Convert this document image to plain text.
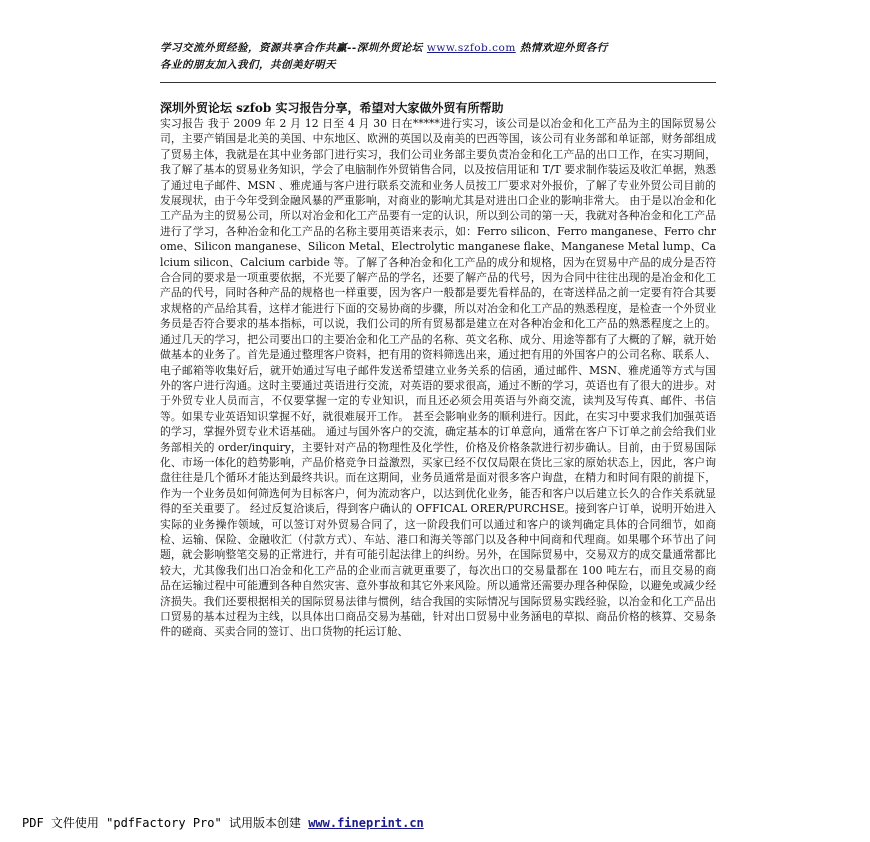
学习交流外贸经验，资源共享合作共赢--深圳外贸论坛 www.szfob.com 热情欢迎外贸各行
各业的朋友加入我们，共创美好明天
深圳外贸论坛 szfob 实习报告分享，希望对大家做外贸有所帮助

实习报告 我于 2009 年 2 月 12 日至 4 月 30 日在*****进行实习，该公司是以冶金和化工产品为主的国际贸易公司，主要产销国是北美的美国、中东地区、欧洲的英国以及南美的巴西等国，该公司有业务部和单证部，财务部组成了贸易主体，我就是在其中业务部门进行实习，我们公司业务部主要负责冶金和化工产品的出口工作，在实习期间，我了解了基本的贸易业务知识，学会了电脑制作外贸销售合同，以及按信用证和 T/T 要求制作装运及收汇单据，熟悉了通过电子邮件、MSN 、雅虎通与客户进行联系交流和业务人员按工厂要求对外报价，了解了专业外贸公司目前的发展现状，由于今年受到金融风暴的严重影响，对商业的影响尤其是对进出口企业的影响非常大。 由于是以冶金和化工产品为主的贸易公司，所以对冶金和化工产品要有一定的认识，所以到公司的第一天，我就对各种冶金和化工产品进行了学习，各种冶金和化工产品的名称主要用英语来表示，如：Ferro silicon、Ferro manganese、Ferro chrome、Silicon manganese、Silicon Metal、Electrolytic manganese flake、Manganese Metal lump、Calcium silicon、Calcium carbide 等。了解了各种冶金和化工产品的成分和规格，因为在贸易中产品的成分是否符合合同的要求是一项重要依据，不光要了解产品的学名，还要了解产品的代号，因为合同中往往出现的是冶金和化工产品的代号，同时各种产品的规格也一样重要，因为客户一般都是要先看样品的，在寄送样品之前一定要有符合其要求规格的产品给其看，这样才能进行下面的交易协商的步骤，所以对冶金和化工产品的熟悉程度，是检查一个外贸业务员是否符合要求的基本指标，可以说，我们公司的所有贸易都是建立在对各种冶金和化工产品的熟悉程度之上的。 通过几天的学习，把公司要出口的主要冶金和化工产品的名称、英文名称、成分、用途等都有了大概的了解，就开始做基本的业务了。首先是通过整理客户资料，把有用的资料筛选出来，通过把有用的外国客户的公司名称、联系人、电子邮箱等收集好后，就开始通过写电子邮件发送希望建立业务关系的信函，通过邮件、MSN、雅虎通等方式与国外的客户进行沟通。这时主要通过英语进行交流，对英语的要求很高，通过不断的学习，英语也有了很大的进步。对于外贸专业人员而言，不仅要掌握一定的专业知识，而且还必须会用英语与外商交流，读判及写传真、邮件、书信等。如果专业英语知识掌握不好，就很难展开工作。 甚至会影响业务的顺利进行。因此，在实习中要求我们加强英语的学习，掌握外贸专业术语基础。 通过与国外客户的交流，确定基本的订单意向，通常在客户下订单之前会给我们业务部相关的 order/inquiry，主要针对产品的物理性及化学性，价格及价格条款进行初步确认。目前，由于贸易国际化、市场一体化的趋势影响，产品价格竞争日益激烈，买家已经不仅仅局限在货比三家的原始状态上，因此，客户询盘往往是几个循环才能达到最终共识。而在这期间，业务员通常是面对很多客户询盘，在精力和时间有限的前提下，作为一个业务员如何筛选何为目标客户，何为流动客户，以达到优化业务，能否和客户以后建立长久的合作关系就显得的至关重要了。 经过反复洽谈后，得到客户确认的 OFFICAL ORER/PURCHSE。接到客户订单，说明开始进入实际的业务操作领域，可以签订对外贸易合同了，这一阶段我们可以通过和客户的谈判确定具体的合同细节，如商检、运输、保险、金融收汇（付款方式）、车站、港口和海关等部门以及各种中间商和代理商。如果哪个环节出了问题，就会影响整笔交易的正常进行，并有可能引起法律上的纠纷。另外，在国际贸易中，交易双方的成交量通常都比较大，尤其像我们出口冶金和化工产品的企业而言就更重要了，每次出口的交易量都在 100 吨左右，而且交易的商品在运输过程中可能遭到各种自然灾害、意外事故和其它外来风险。所以通常还需要办理各种保险，以避免或减少经济损失。我们还要根据相关的国际贸易法律与惯例，结合我国的实际情况与国际贸易实践经验，以冶金和化工产品出口贸易的基本过程为主线，以具体出口商品交易为基础，针对出口贸易中业务涵电的草拟、商品价格的核算、交易条件的磋商、买卖合同的签订、出口货物的托运订舱、

PDF 文件使用 "pdfFactory Pro" 试用版本创建 www.fineprint.cn
